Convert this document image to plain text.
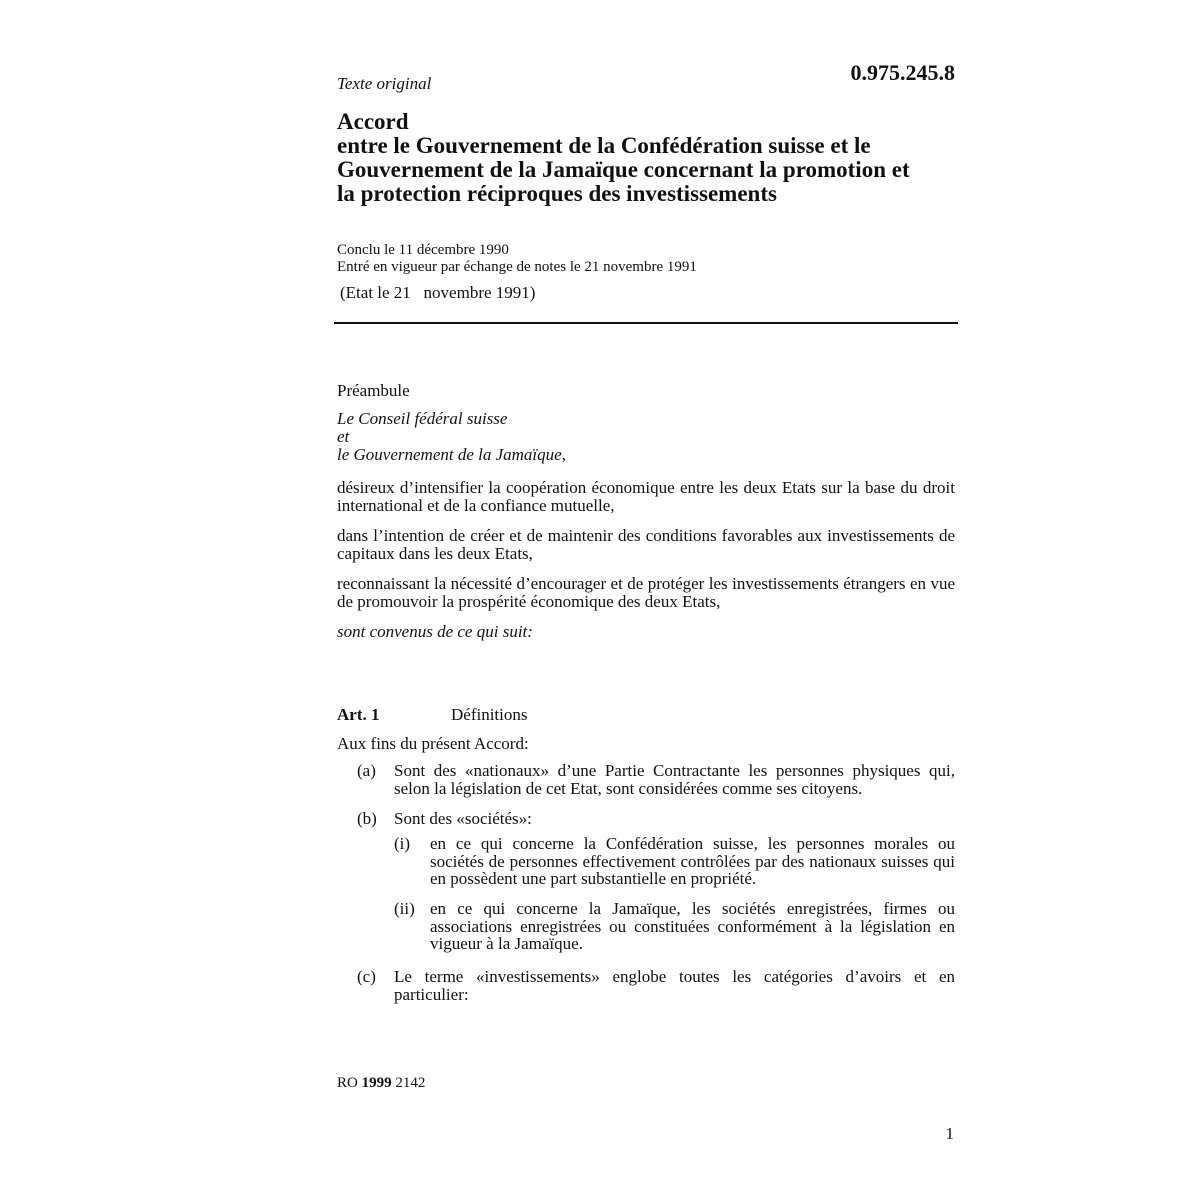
Texte original	0.975.245.8
Accord
entre le Gouvernement de la Confédération suisse et le
Gouvernement de la Jamaïque concernant la promotion et
la protection réciproques des investissements
Conclu le 11 décembre 1990
Entré en vigueur par échange de notes le 21 novembre 1991
(Etat le 21   novembre 1991)
Préambule
Le Conseil fédéral suisse
et
le Gouvernement de la Jamaïque,
désireux d’intensifier la coopération économique entre les deux Etats sur la base du droit international et de la confiance mutuelle,
dans l’intention de créer et de maintenir des conditions favorables aux investissements de capitaux dans les deux Etats,
reconnaissant la nécessité d’encourager et de protéger les investissements étrangers en vue de promouvoir la prospérité économique des deux Etats,
sont convenus de ce qui suit:
Art. 1	Définitions
Aux fins du présent Accord:
(a) Sont des «nationaux» d’une Partie Contractante les personnes physiques qui, selon la législation de cet Etat, sont considérées comme ses citoyens.
(b) Sont des «sociétés»:
(i) en ce qui concerne la Confédération suisse, les personnes morales ou sociétés de personnes effectivement contrôlées par des nationaux suisses qui en possèdent une part substantielle en propriété.
(ii) en ce qui concerne la Jamaïque, les sociétés enregistrées, firmes ou associations enregistrées ou constituées conformément à la législation en vigueur à la Jamaïque.
(c) Le terme «investissements» englobe toutes les catégories d’avoirs et en particulier:
RO 1999 2142
1
